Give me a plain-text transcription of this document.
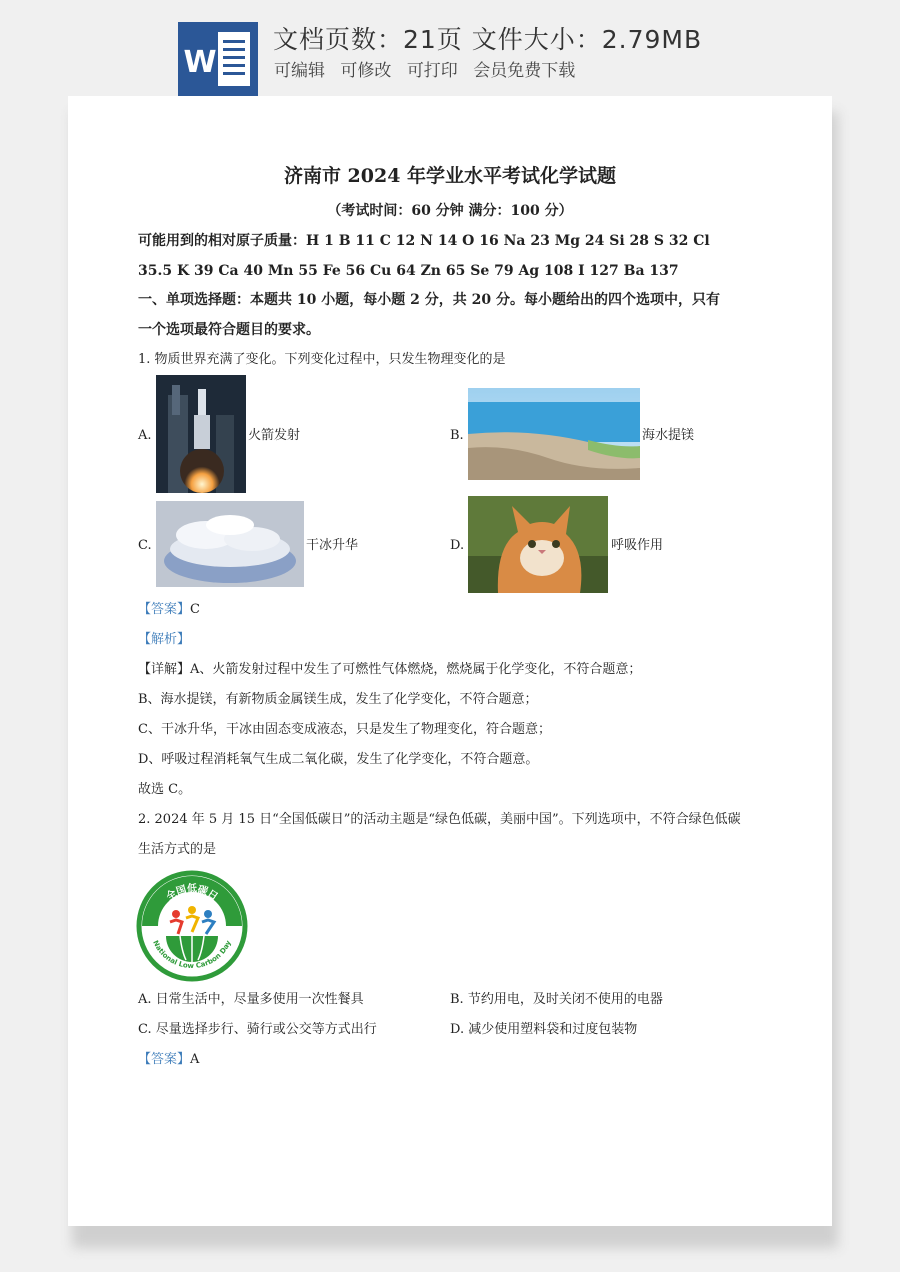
W
文档页数：21页 文件大小：2.79MB
可编辑 可修改 可打印 会员免费下载
济南市 2024 年学业水平考试化学试题
（考试时间：60 分钟 满分：100 分）
可能用到的相对原子质量：H 1 B 11 C 12 N 14 O 16 Na 23 Mg 24 Si 28 S 32 Cl
35.5 K 39 Ca 40 Mn 55 Fe 56 Cu 64 Zn 65 Se 79 Ag 108 I 127 Ba 137
一、单项选择题：本题共 10 小题，每小题 2 分，共 20 分。每小题给出的四个选项中，只有
一个选项最符合题目的要求。
1. 物质世界充满了变化。下列变化过程中，只发生物理变化的是
A.	火箭发射	B.	海水提镁
C.	干冰升华	D.	呼吸作用
【答案】C
【解析】
【详解】A、火箭发射过程中发生了可燃性气体燃烧，燃烧属于化学变化，不符合题意；
B、海水提镁，有新物质金属镁生成，发生了化学变化，不符合题意；
C、干冰升华，干冰由固态变成液态，只是发生了物理变化，符合题意；
D、呼吸过程消耗氧气生成二氧化碳，发生了化学变化，不符合题意。
故选 C。
2. 2024 年 5 月 15 日“全国低碳日”的活动主题是“绿色低碳，美丽中国”。下列选项中，不符合绿色低碳
生活方式的是
全国低碳日
National Low Carbon Day
A. 日常生活中，尽量多使用一次性餐具	B. 节约用电，及时关闭不使用的电器
C. 尽量选择步行、骑行或公交等方式出行	D. 减少使用塑料袋和过度包装物
【答案】A
